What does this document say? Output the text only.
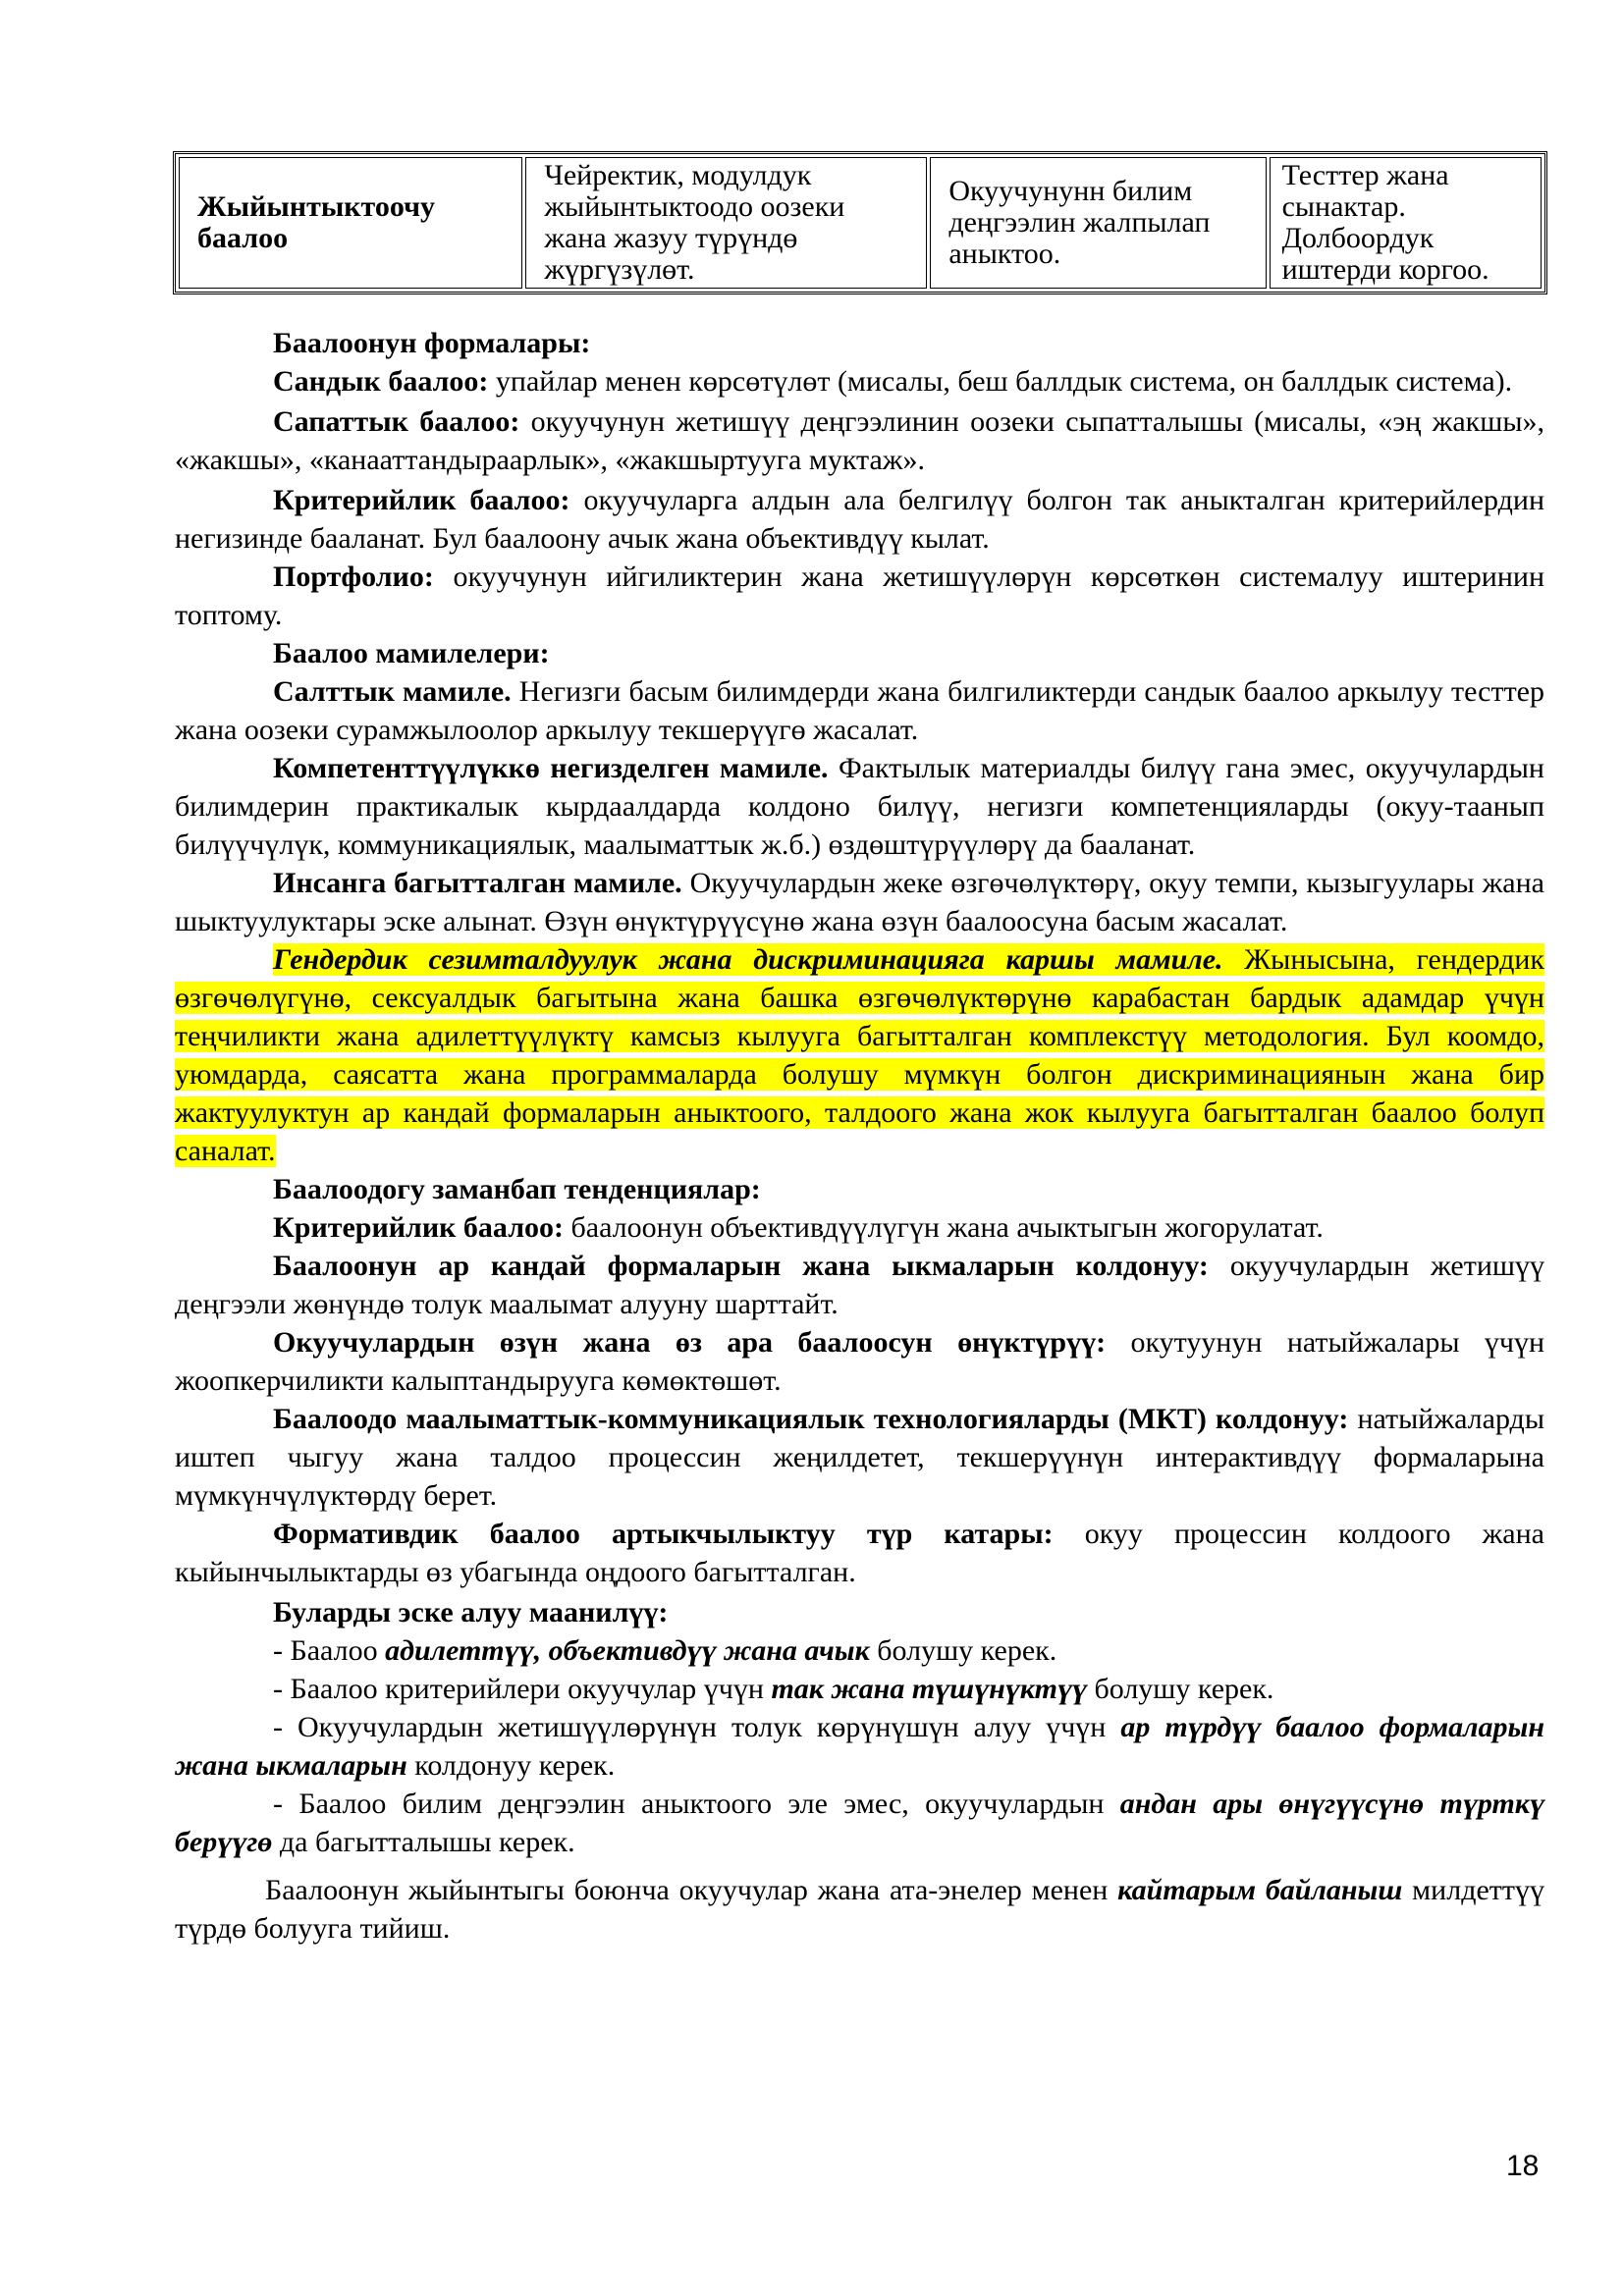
Жыйынтыктоочу баалоо	Чейректик, модулдук жыйынтыктоодо оозеки жана жазуу түрүндө жүргүзүлөт.	Окуучунунн билим деңгээлин жалпылап аныктоо.	Тесттер жана сынактар. Долбоордук иштерди коргоо.

Баалоонун формалары:

Сандык баалоо: упайлар менен көрсөтүлөт (мисалы, беш баллдык система, он баллдык система).

Сапаттык баалоо: окуучунун жетишүү деңгээлинин оозеки сыпатталышы (мисалы, «эң жакшы», «жакшы», «канааттандыраарлык», «жакшыртууга муктаж».

Критерийлик баалоо: окуучуларга алдын ала белгилүү болгон так аныкталган критерийлердин негизинде бааланат. Бул баалоону ачык жана объективдүү кылат.

Портфолио: окуучунун ийгиликтерин жана жетишүүлөрүн көрсөткөн системалуу иштеринин топтому.

Баалоо мамилелери:

Салттык мамиле. Негизги басым билимдерди жана билгиликтерди сандык баалоо аркылуу тесттер жана оозеки сурамжылоолор аркылуу текшерүүгө жасалат.

Компетенттүүлүккө негизделген мамиле. Фактылык материалды билүү гана эмес, окуучулардын билимдерин практикалык кырдаалдарда колдоно билүү, негизги компетенцияларды (окуу-таанып билүүчүлүк, коммуникациялык, маалыматтык ж.б.) өздөштүрүүлөрү да бааланат.

Инсанга багытталган мамиле. Окуучулардын жеке өзгөчөлүктөрү, окуу темпи, кызыгуулары жана шыктуулуктары эске алынат. Өзүн өнүктүрүүсүнө жана өзүн баалоосуна басым жасалат.

Гендердик сезимталдуулук жана дискриминацияга каршы мамиле. Жынысына, гендердик өзгөчөлүгүнө, сексуалдык багытына жана башка өзгөчөлүктөрүнө карабастан бардык адамдар үчүн теңчиликти жана адилеттүүлүктү камсыз кылууга багытталган комплекстүү методология. Бул коомдо, уюмдарда, саясатта жана программаларда болушу мүмкүн болгон дискриминациянын жана бир жактуулуктун ар кандай формаларын аныктоого, талдоого жана жок кылууга багытталган баалоо болуп саналат.

Баалоодогу заманбап тенденциялар:

Критерийлик баалоо: баалоонун объективдүүлүгүн жана ачыктыгын жогорулатат.

Баалоонун ар кандай формаларын жана ыкмаларын колдонуу: окуучулардын жетишүү деңгээли жөнүндө толук маалымат алууну шарттайт.

Окуучулардын өзүн жана өз ара баалоосун өнүктүрүү: окутуунун натыйжалары үчүн жоопкерчиликти калыптандырууга көмөктөшөт.

Баалоодо маалыматтык-коммуникациялык технологияларды (МКТ) колдонуу: натыйжаларды иштеп чыгуу жана талдоо процессин жеңилдетет, текшерүүнүн интерактивдүү формаларына мүмкүнчүлүктөрдү берет.

Формативдик баалоо артыкчылыктуу түр катары: окуу процессин колдоого жана кыйынчылыктарды өз убагында оңдоого багытталган.

Буларды эске алуу маанилүү:

- Баалоо адилеттүү, объективдүү жана ачык болушу керек.

- Баалоо критерийлери окуучулар үчүн так жана түшүнүктүү болушу керек.

- Окуучулардын жетишүүлөрүнүн толук көрүнүшүн алуу үчүн ар түрдүү баалоо формаларын жана ыкмаларын колдонуу керек.

- Баалоо билим деңгээлин аныктоого эле эмес, окуучулардын андан ары өнүгүүсүнө түрткү берүүгө да багытталышы керек.

Баалоонун жыйынтыгы боюнча окуучулар жана ата-энелер менен кайтарым байланыш милдеттүү түрдө болууга тийиш.

18
